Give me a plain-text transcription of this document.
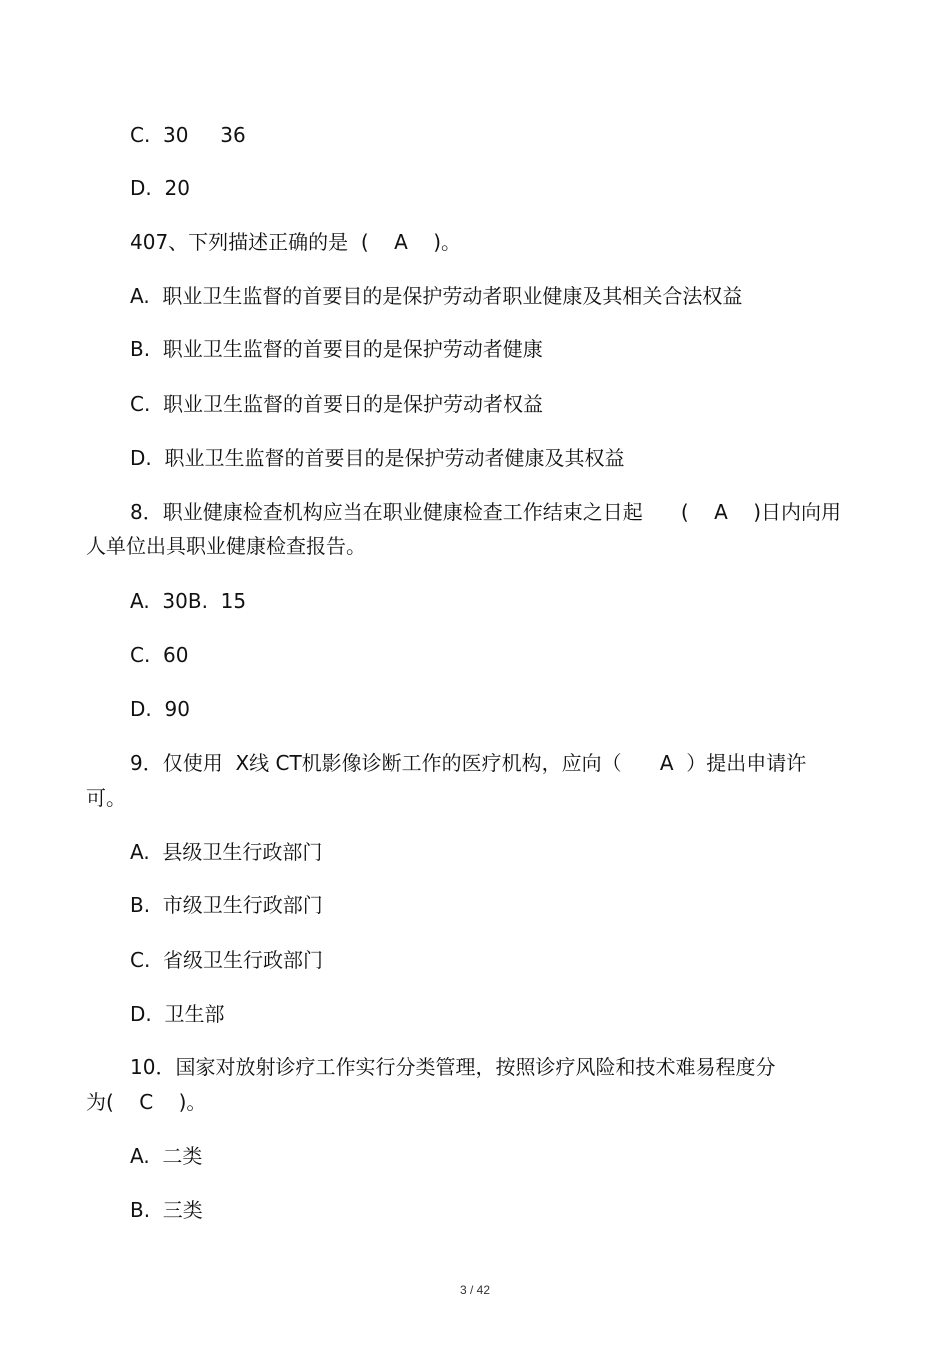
C.  30     36
D.  20
407、下列描述正确的是  (    A    )。
A.  职业卫生监督的首要目的是保护劳动者职业健康及其相关合法权益
B.  职业卫生监督的首要目的是保护劳动者健康
C.  职业卫生监督的首要日的是保护劳动者权益
D.  职业卫生监督的首要目的是保护劳动者健康及其权益
8．职业健康检查机构应当在职业健康检查工作结束之日起      (    A    )日内向用
人单位出具职业健康检查报告。
A.  30B.  15
C.  60
D.  90
9．仅使用  X线 CT机影像诊断工作的医疗机构，应向（      A  ）提出申请许
可。
A.  县级卫生行政部门
B.  市级卫生行政部门
C.  省级卫生行政部门
D.  卫生部
10．国家对放射诊疗工作实行分类管理，按照诊疗风险和技术难易程度分
为(    C    )。
A.  二类
B.  三类
3 / 42
